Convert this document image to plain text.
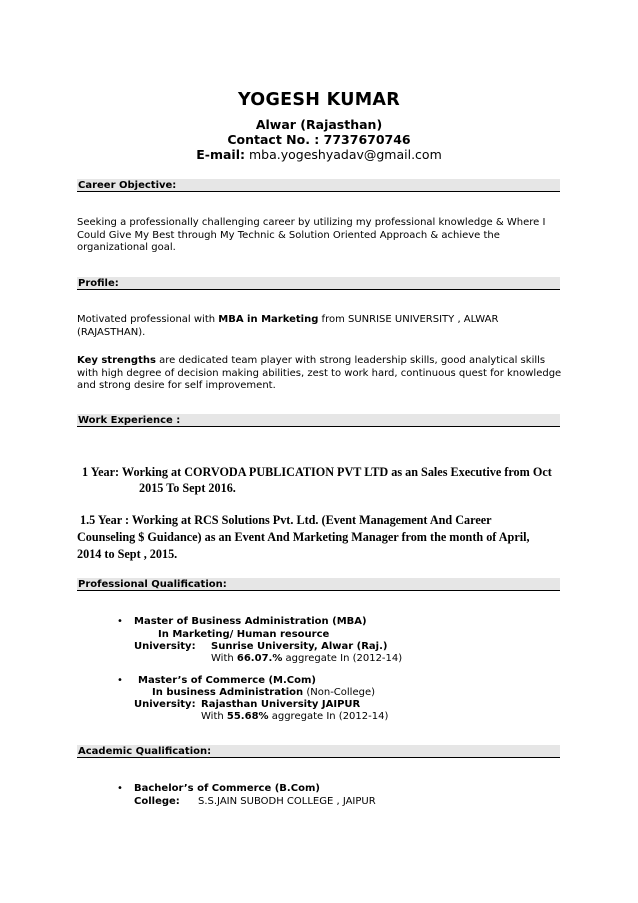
YOGESH KUMAR
Alwar (Rajasthan)
Contact No. : 7737670746
E-mail: mba.yogeshyadav@gmail.com
Career Objective:
Seeking a professionally challenging career by utilizing my professional knowledge & Where I Could Give My Best through My Technic & Solution Oriented Approach & achieve the organizational goal.
Profile:
Motivated professional with MBA in Marketing from SUNRISE UNIVERSITY , ALWAR (RAJASTHAN).
Key strengths are dedicated team player with strong leadership skills, good analytical skills with high degree of decision making abilities, zest to work hard, continuous quest for knowledge and strong desire for self improvement.
Work Experience :
1 Year: Working at CORVODA PUBLICATION PVT LTD as an Sales Executive from Oct
2015 To Sept 2016.
1.5 Year : Working at RCS Solutions Pvt. Ltd. (Event Management And Career
Counseling $ Guidance) as an Event And Marketing Manager from the month of April,
2014 to Sept , 2015.
Professional Qualification:
• Master of Business Administration (MBA)
In Marketing/ Human resource
University: Sunrise University, Alwar (Raj.)
With 66.07.% aggregate In (2012-14)
• Master’s of Commerce (M.Com)
In business Administration (Non-College)
University: Rajasthan University JAIPUR
With 55.68% aggregate In (2012-14)
Academic Qualification:
• Bachelor’s of Commerce (B.Com)
College: S.S.JAIN SUBODH COLLEGE , JAIPUR
